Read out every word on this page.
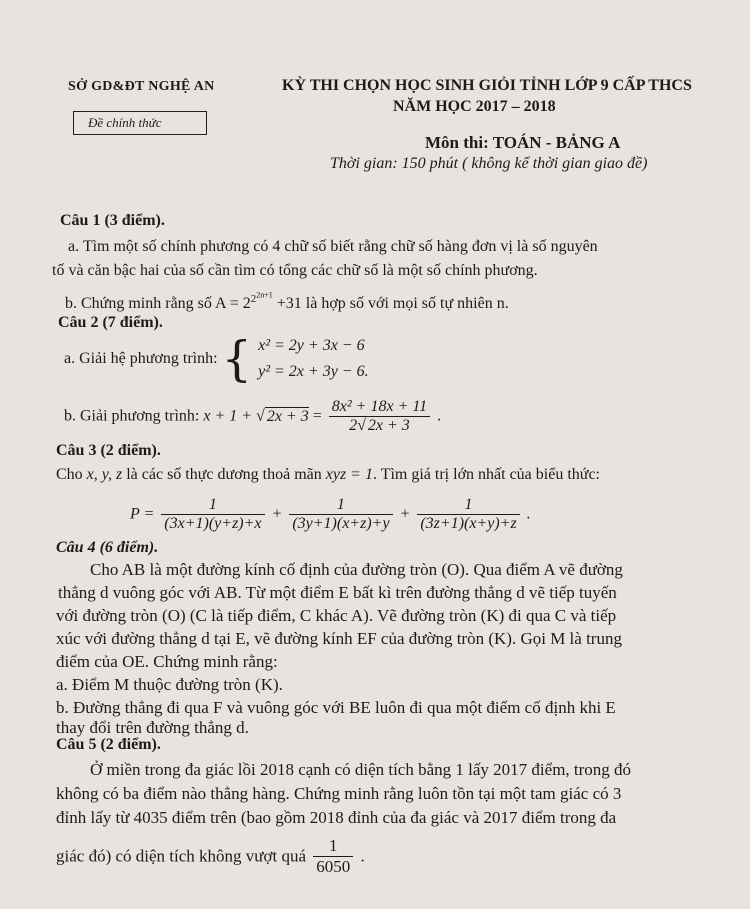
SỞ GD&ĐT NGHỆ AN	KỲ THI CHỌN HỌC SINH GIỎI TỈNH LỚP 9 CẤP THCS
NĂM HỌC 2017 – 2018
Đề chính thức
Môn thi: TOÁN - BẢNG A
Thời gian: 150 phút ( không kể thời gian giao đề)
Câu 1 (3 điểm).
a. Tìm một số chính phương có 4 chữ số biết rằng chữ số hàng đơn vị là số nguyên
tố và căn bậc hai của số cần tìm có tổng các chữ số là một số chính phương.
b. Chứng minh rằng số $A = 2^{2^{2n+1}} +31$ là hợp số với mọi số tự nhiên n.
Câu 2 (7 điểm).
a. Giải hệ phương trình: { x² = 2y + 3x − 6
y² = 2x + 3y − 6.
b. Giải phương trình: x + 1 + √ $2x + 3 = \frac{\text{8x² + 18x + 11}}{2√ 2x + 3}$ .
Câu 3 (2 điểm).
Cho x, y, z là các số thực dương thoả mãn xyz = 1. Tìm giá trị lớn nhất của biểu thức:
$P = \frac{1}{(3x+1)(y+z)+x} + \frac{1}{(3y+1)(x+z)+y} + \frac{1}{(3z+1)(x+y)+z}$ .
Câu 4 (6 điểm).
Cho AB là một đường kính cố định của đường tròn (O). Qua điểm A vẽ đường
thẳng d vuông góc với AB. Từ một điểm E bất kì trên đường thẳng d vẽ tiếp tuyến
với đường tròn (O) (C là tiếp điểm, C khác A). Vẽ đường tròn (K) đi qua C và tiếp
xúc với đường thẳng d tại E, vẽ đường kính EF của đường tròn (K). Gọi M là trung
điểm của OE. Chứng minh rằng:
a. Điểm M thuộc đường tròn (K).
b. Đường thẳng đi qua F và vuông góc với BE luôn đi qua một điểm cố định khi E
thay đổi trên đường thẳng d.
Câu 5 (2 điểm).
Ở miền trong đa giác lồi 2018 cạnh có diện tích bằng 1 lấy 2017 điểm, trong đó
không có ba điểm nào thẳng hàng. Chứng minh rằng luôn tồn tại một tam giác có 3
đỉnh lấy từ 4035 điểm trên (bao gồm 2018 đỉnh của đa giác và 2017 điểm trong đa
giác đó) có diện tích không vượt quá $\frac{1}{6050}$ .
